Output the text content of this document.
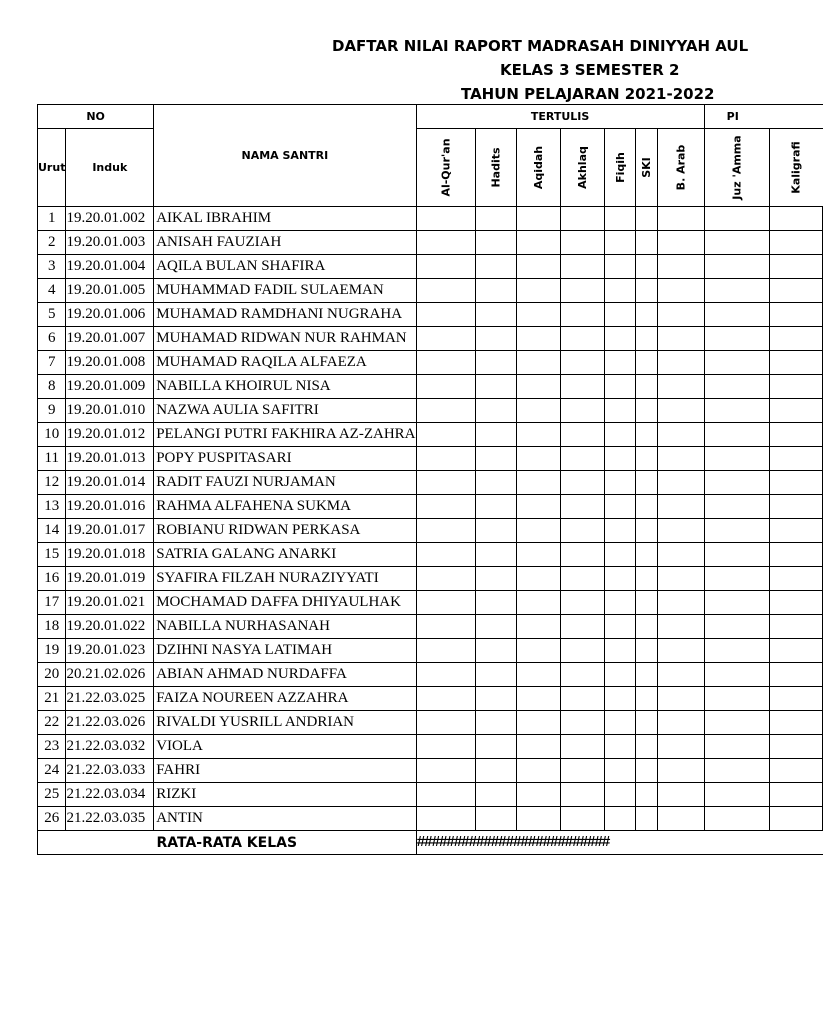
DAFTAR NILAI RAPORT MADRASAH DINIYYAH AUL
KELAS 3 SEMESTER 2
TAHUN PELAJARAN 2021-2022
NO		NAMA SANTRI	TERTULIS							PI		
Urut	Induk		Al-Qur'an	Hadits	Aqidah	Akhlaq	Fiqih	SKI	B. Arab	Juz 'Amma	Kaligrafi	

1	19.20.01.002	AIKAL IBRAHIM										
2	19.20.01.003	ANISAH FAUZIAH										
3	19.20.01.004	AQILA BULAN SHAFIRA										
4	19.20.01.005	MUHAMMAD FADIL SULAEMAN										
5	19.20.01.006	MUHAMAD RAMDHANI NUGRAHA										
6	19.20.01.007	MUHAMAD RIDWAN NUR RAHMAN										
7	19.20.01.008	MUHAMAD RAQILA ALFAEZA										
8	19.20.01.009	NABILLA KHOIRUL NISA										
9	19.20.01.010	NAZWA AULIA SAFITRI										
10	19.20.01.012	PELANGI PUTRI FAKHIRA AZ-ZAHRA										
11	19.20.01.013	POPY PUSPITASARI										
12	19.20.01.014	RADIT FAUZI NURJAMAN										
13	19.20.01.016	RAHMA ALFAHENA SUKMA										
14	19.20.01.017	ROBIANU RIDWAN PERKASA										
15	19.20.01.018	SATRIA GALANG ANARKI										
16	19.20.01.019	SYAFIRA FILZAH NURAZIYYATI										
17	19.20.01.021	MOCHAMAD DAFFA DHIYAULHAK										
18	19.20.01.022	NABILLA NURHASANAH										
19	19.20.01.023	DZIHNI NASYA LATIMAH										
20	20.21.02.026	ABIAN AHMAD NURDAFFA										
21	21.22.03.025	FAIZA NOUREEN AZZAHRA										
22	21.22.03.026	RIVALDI YUSRILL ANDRIAN										
23	21.22.03.032	VIOLA										
24	21.22.03.033	FAHRI										
25	21.22.03.034	RIZKI										
26	21.22.03.035	ANTIN										
RATA-RATA KELAS			##########################									
